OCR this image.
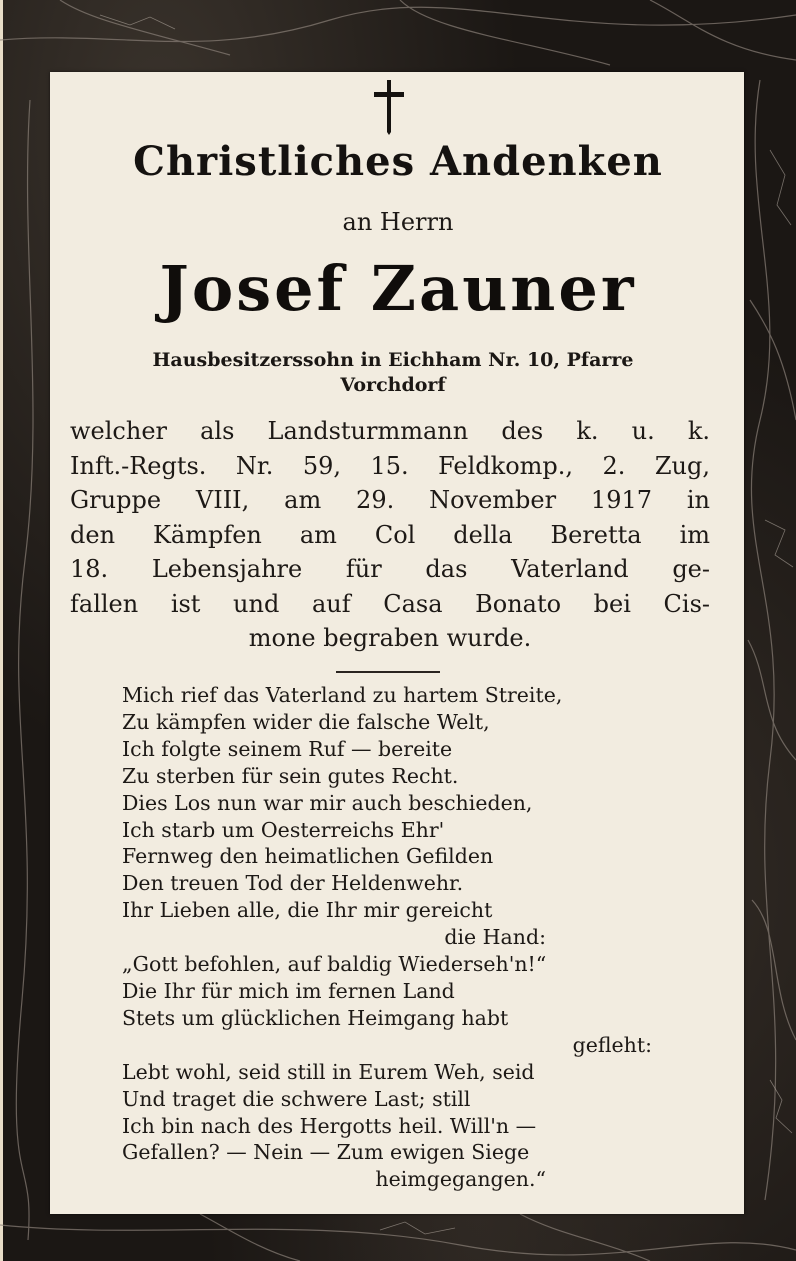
Christliches Andenken
an Herrn
Josef Zauner
Hausbesitzerssohn in Eichham Nr. 10, Pfarre
Vorchdorf
welcher als Landsturmmann des k. u. k.
Inft.-Regts. Nr. 59, 15. Feldkomp., 2. Zug,
Gruppe VIII, am 29. November 1917 in
den Kämpfen am Col della Beretta im
18. Lebensjahre für das Vaterland ge-
fallen ist und auf Casa Bonato bei Cis-
mone begraben wurde.
Mich rief das Vaterland zu hartem Streite,
Zu kämpfen wider die falsche Welt,
Ich folgte seinem Ruf — bereite
Zu sterben für sein gutes Recht.
Dies Los nun war mir auch beschieden,
Ich starb um Oesterreichs Ehr'
Fernweg den heimatlichen Gefilden
Den treuen Tod der Heldenwehr.
Ihr Lieben alle, die Ihr mir gereicht
die Hand:
„Gott befohlen, auf baldig Wiederseh'n!“
Die Ihr für mich im fernen Land
Stets um glücklichen Heimgang habt
gefleht:
Lebt wohl, seid still in Eurem Weh, seid
Und traget die schwere Last; still
Ich bin nach des Hergotts heil. Will'n —
Gefallen? — Nein — Zum ewigen Siege
heimgegangen.“
